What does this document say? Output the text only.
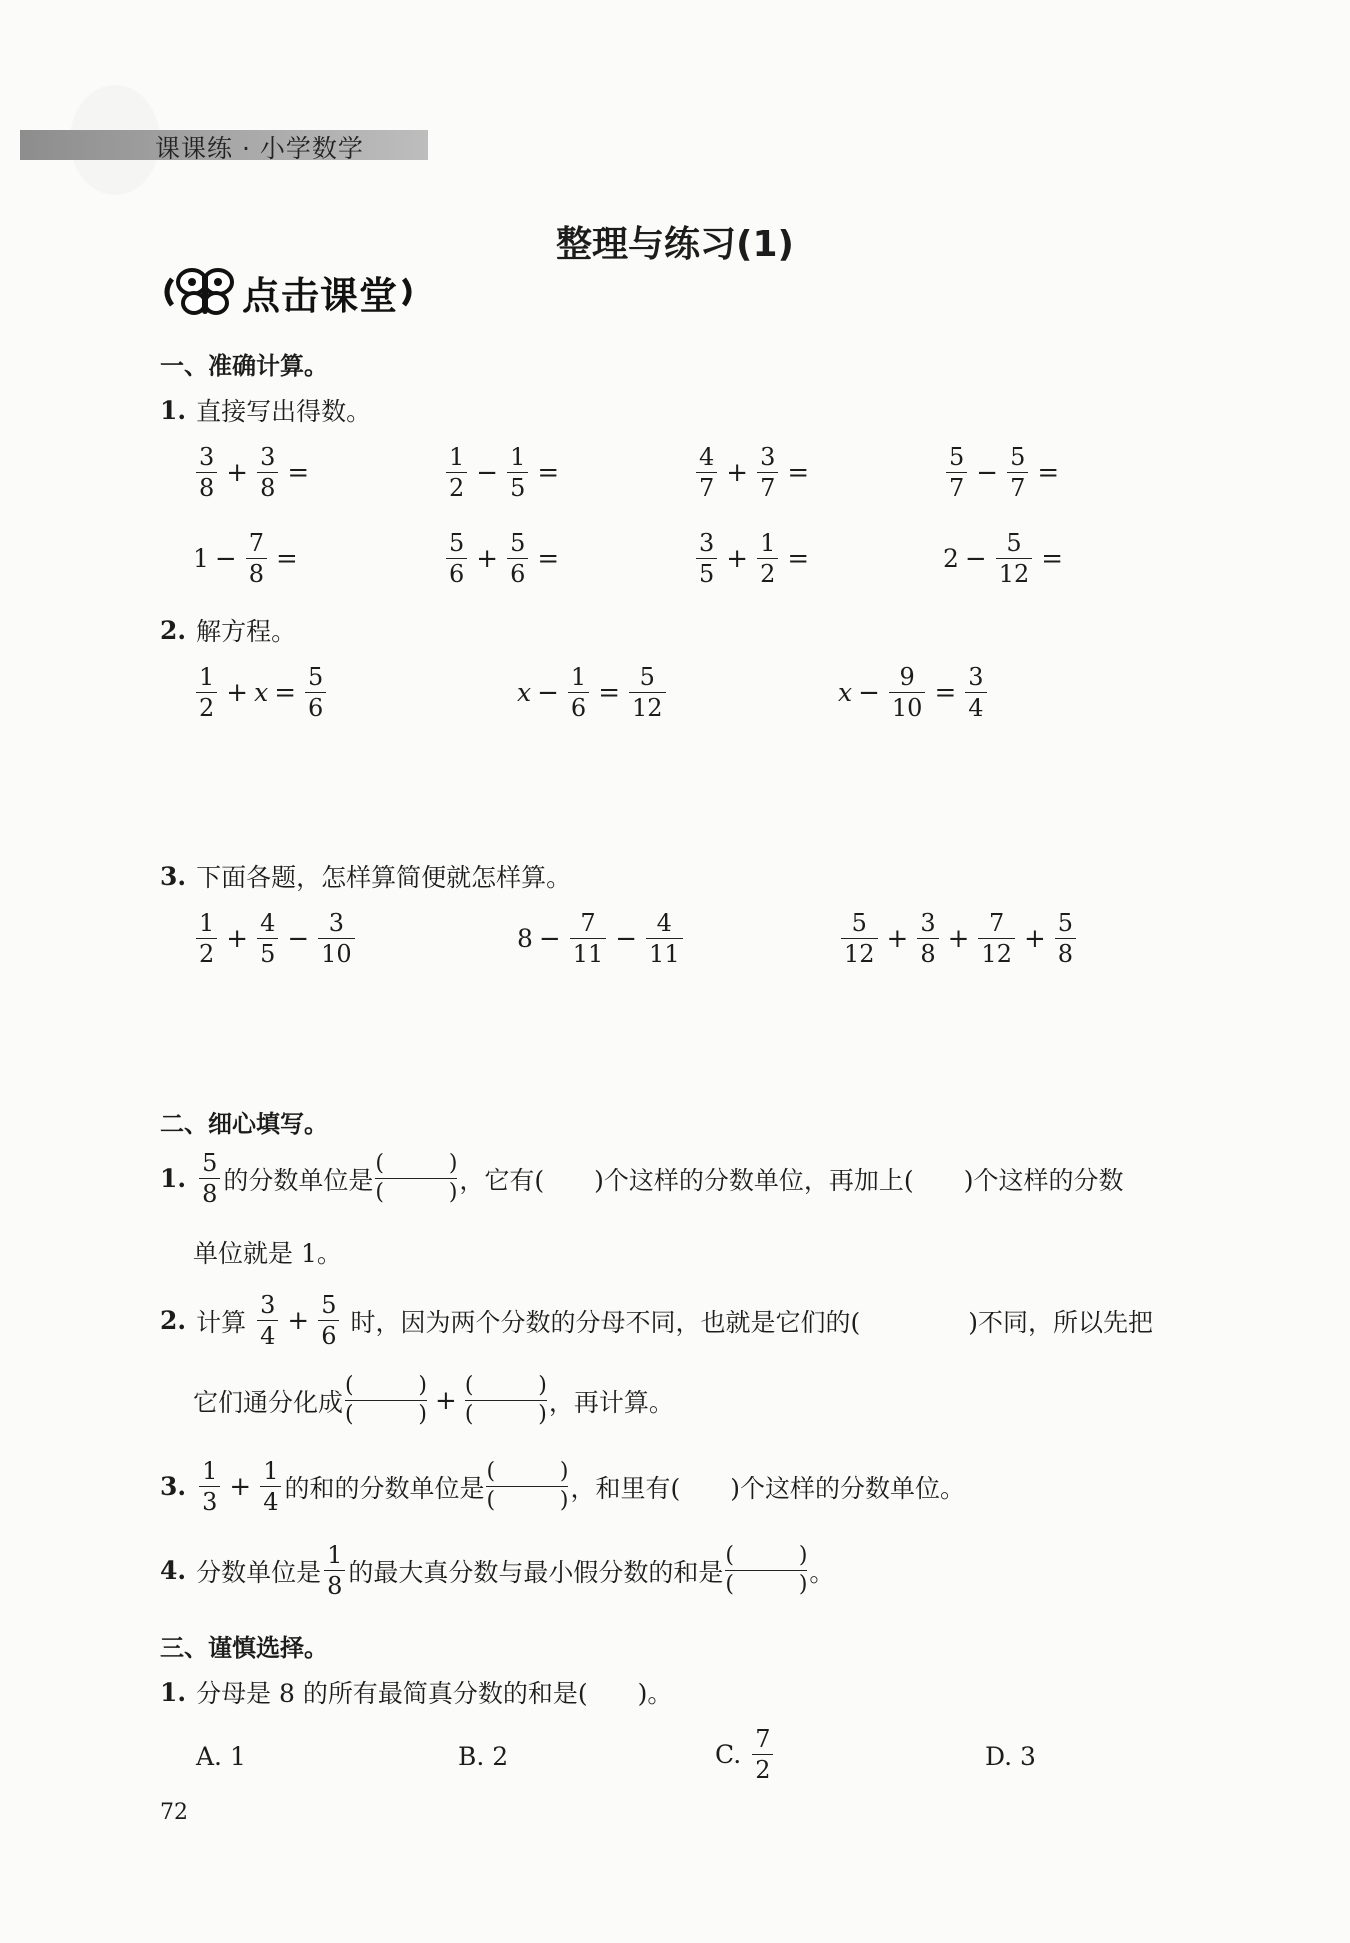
课课练 · 小学数学
整理与练习(1)
点击课堂
一、准确计算。
1. 直接写出得数。
$\frac{3}{8} + \frac{3}{8}$ =	$\frac{1}{2} - \frac{1}{5}$ =	$\frac{4}{7} + \frac{3}{7}$ =	$\frac{5}{7} - \frac{5}{7}$ =
$1 - \frac{7}{8}$ =	$\frac{5}{6} + \frac{5}{6}$ =	$\frac{3}{5} + \frac{1}{2}$ =	$2 - \frac{5}{12}$ =
2. 解方程。
$\frac{1}{2} + x = \frac{5}{6}$	$x - \frac{1}{6} = \frac{5}{12}$	$x - \frac{9}{10} = \frac{3}{4}$
3. 下面各题，怎样算简便就怎样算。
$\frac{1}{2} + \frac{4}{5} - \frac{3}{10}$	$8 - \frac{7}{11} - \frac{4}{11}$	$\frac{5}{12} + \frac{3}{8} + \frac{7}{12} + \frac{5}{8}$
二、细心填写。
1. $\frac{5}{8}$ 的分数单位是 (	)
(	) ，它有( )个这样的分数单位，再加上( )个这样的分数
单位就是 1。
2. 计算 $\frac{3}{4} + \frac{5}{6}$ 时，因为两个分数的分母不同，也就是它们的(	)不同，所以先把
它们通分化成 (	)
(	) + (	)
(	) ，再计算。
3. $\frac{1}{3} + \frac{1}{4}$ 的和的分数单位是 (	)
(	) ，和里有( )个这样的分数单位。
4. 分数单位是 $\frac{1}{8}$ 的最大真分数与最小假分数的和是 (	)
(	) 。
三、谨慎选择。
1. 分母是 8 的所有最简真分数的和是(　　)。
A. 1	B. 2	C. $\frac{7}{2}$	D. 3
72
